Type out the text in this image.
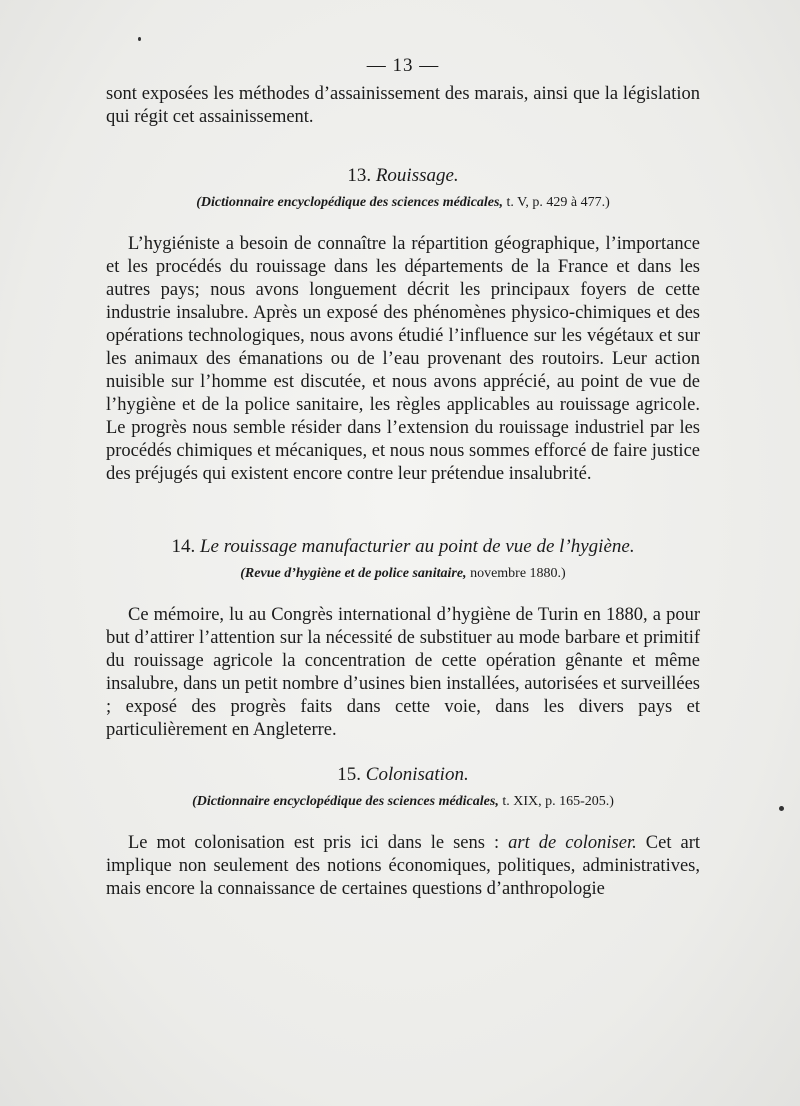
— 13 —

sont exposées les méthodes d’assainissement des marais, ainsi que la législation qui régit cet assainissement.

13. Rouissage.
(Dictionnaire encyclopédique des sciences médicales, t. V, p. 429 à 477.)

L’hygiéniste a besoin de connaître la répartition géographique, l’importance et les procédés du rouissage dans les départements de la France et dans les autres pays; nous avons longuement décrit les principaux foyers de cette industrie insalubre. Après un exposé des phénomènes physico-chimiques et des opérations technologiques, nous avons étudié l’influence sur les végétaux et sur les animaux des émanations ou de l’eau provenant des routoirs. Leur action nuisible sur l’homme est discutée, et nous avons apprécié, au point de vue de l’hygiène et de la police sanitaire, les règles applicables au rouissage agricole. Le progrès nous semble résider dans l’extension du rouissage industriel par les procédés chimiques et mécaniques, et nous nous sommes efforcé de faire justice des préjugés qui existent encore contre leur prétendue insalubrité.

14. Le rouissage manufacturier au point de vue de l’hygiène.
(Revue d’hygiène et de police sanitaire, novembre 1880.)

Ce mémoire, lu au Congrès international d’hygiène de Turin en 1880, a pour but d’attirer l’attention sur la nécessité de substituer au mode barbare et primitif du rouissage agricole la concentration de cette opération gênante et même insalubre, dans un petit nombre d’usines bien installées, autorisées et surveillées ; exposé des progrès faits dans cette voie, dans les divers pays et particulièrement en Angleterre.

15. Colonisation.
(Dictionnaire encyclopédique des sciences médicales, t. XIX, p. 165-205.)

Le mot colonisation est pris ici dans le sens : art de coloniser. Cet art implique non seulement des notions économiques, politiques, administratives, mais encore la connaissance de certaines questions d’anthropologie
